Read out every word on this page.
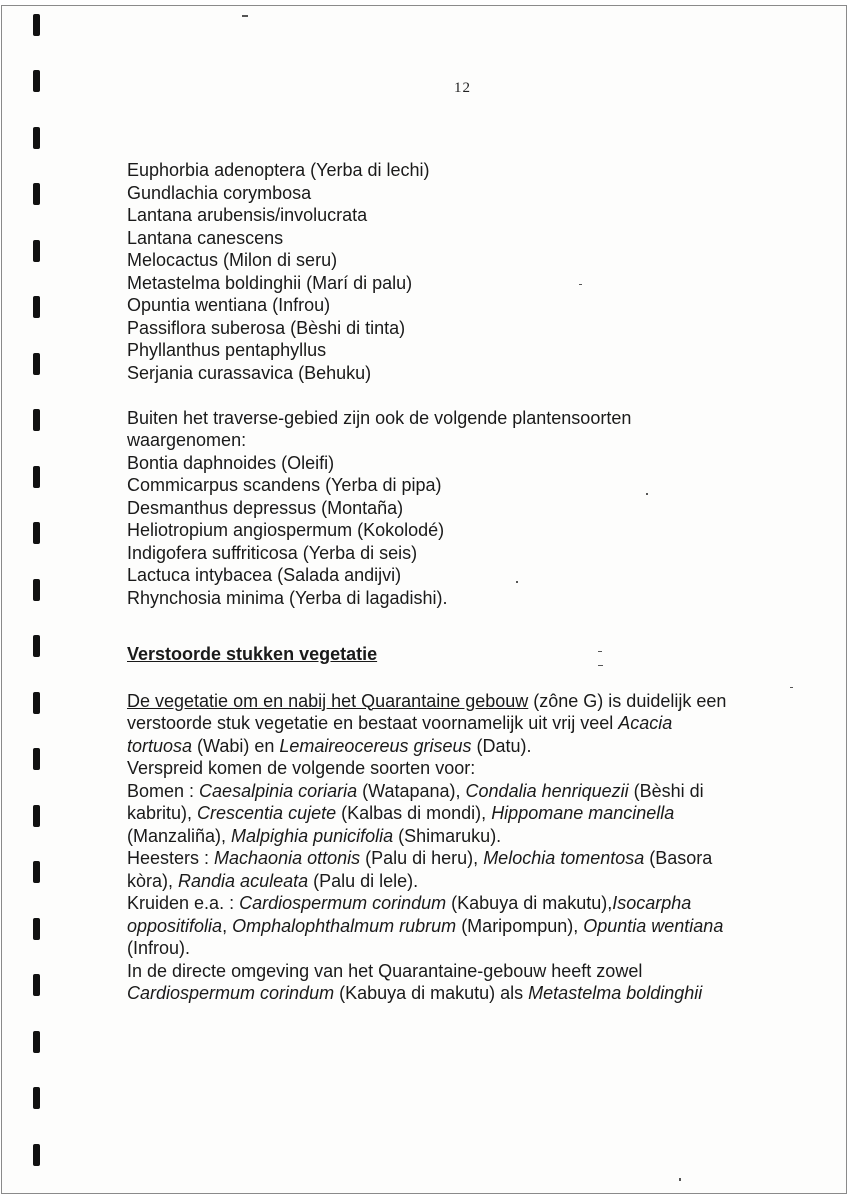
12
Euphorbia adenoptera (Yerba di lechi)
Gundlachia corymbosa
Lantana arubensis/involucrata
Lantana canescens
Melocactus (Milon di seru)
Metastelma boldinghii (Marí di palu)
Opuntia wentiana (Infrou)
Passiflora suberosa (Bèshi di tinta)
Phyllanthus pentaphyllus
Serjania curassavica (Behuku)
Buiten het traverse-gebied zijn ook de volgende plantensoorten
waargenomen:
Bontia daphnoides (Oleifi)
Commicarpus scandens (Yerba di pipa)
Desmanthus depressus (Montaña)
Heliotropium angiospermum (Kokolodé)
Indigofera suffriticosa (Yerba di seis)
Lactuca intybacea (Salada andijvi)
Rhynchosia minima (Yerba di lagadishi).
Verstoorde stukken vegetatie
De vegetatie om en nabij het Quarantaine gebouw (zône G) is duidelijk een
verstoorde stuk vegetatie en bestaat voornamelijk uit vrij veel Acacia
tortuosa (Wabi) en Lemaireocereus griseus (Datu).
Verspreid komen de volgende soorten voor:
Bomen : Caesalpinia coriaria (Watapana), Condalia henriquezii (Bèshi di
kabritu), Crescentia cujete (Kalbas di mondi), Hippomane mancinella
(Manzaliña), Malpighia punicifolia (Shimaruku).
Heesters : Machaonia ottonis (Palu di heru), Melochia tomentosa (Basora
kòra), Randia aculeata (Palu di lele).
Kruiden e.a. : Cardiospermum corindum (Kabuya di makutu),Isocarpha
oppositifolia, Omphalophthalmum rubrum (Maripompun), Opuntia wentiana
(Infrou).
In de directe omgeving van het Quarantaine-gebouw heeft zowel
Cardiospermum corindum (Kabuya di makutu) als Metastelma boldinghii
